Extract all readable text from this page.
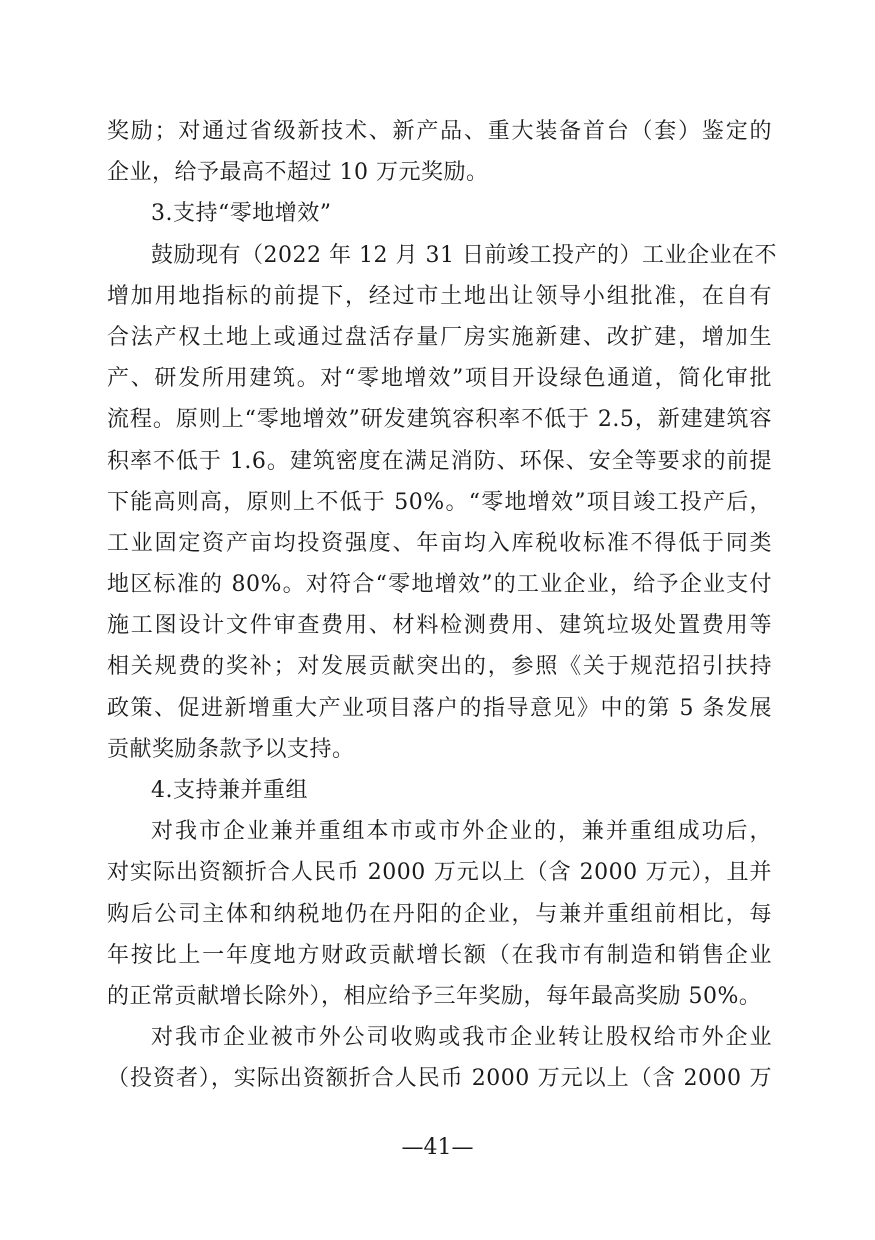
奖励；对通过省级新技术、新产品、重大装备首台（套）鉴定的
企业，给予最高不超过 10 万元奖励。
3.支持“零地增效”
鼓励现有（2022 年 12 月 31 日前竣工投产的）工业企业在不
增加用地指标的前提下，经过市土地出让领导小组批准，在自有
合法产权土地上或通过盘活存量厂房实施新建、改扩建，增加生
产、研发所用建筑。对“零地增效”项目开设绿色通道，简化审批
流程。原则上“零地增效”研发建筑容积率不低于 2.5，新建建筑容
积率不低于 1.6。建筑密度在满足消防、环保、安全等要求的前提
下能高则高，原则上不低于 50%。“零地增效”项目竣工投产后，
工业固定资产亩均投资强度、年亩均入库税收标准不得低于同类
地区标准的 80%。对符合“零地增效”的工业企业，给予企业支付
施工图设计文件审查费用、材料检测费用、建筑垃圾处置费用等
相关规费的奖补；对发展贡献突出的，参照《关于规范招引扶持
政策、促进新增重大产业项目落户的指导意见》中的第 5 条发展
贡献奖励条款予以支持。
4.支持兼并重组
对我市企业兼并重组本市或市外企业的，兼并重组成功后，
对实际出资额折合人民币 2000 万元以上（含 2000 万元），且并
购后公司主体和纳税地仍在丹阳的企业，与兼并重组前相比，每
年按比上一年度地方财政贡献增长额（在我市有制造和销售企业
的正常贡献增长除外），相应给予三年奖励，每年最高奖励 50%。
对我市企业被市外公司收购或我市企业转让股权给市外企业
（投资者），实际出资额折合人民币 2000 万元以上（含 2000 万
—41—
